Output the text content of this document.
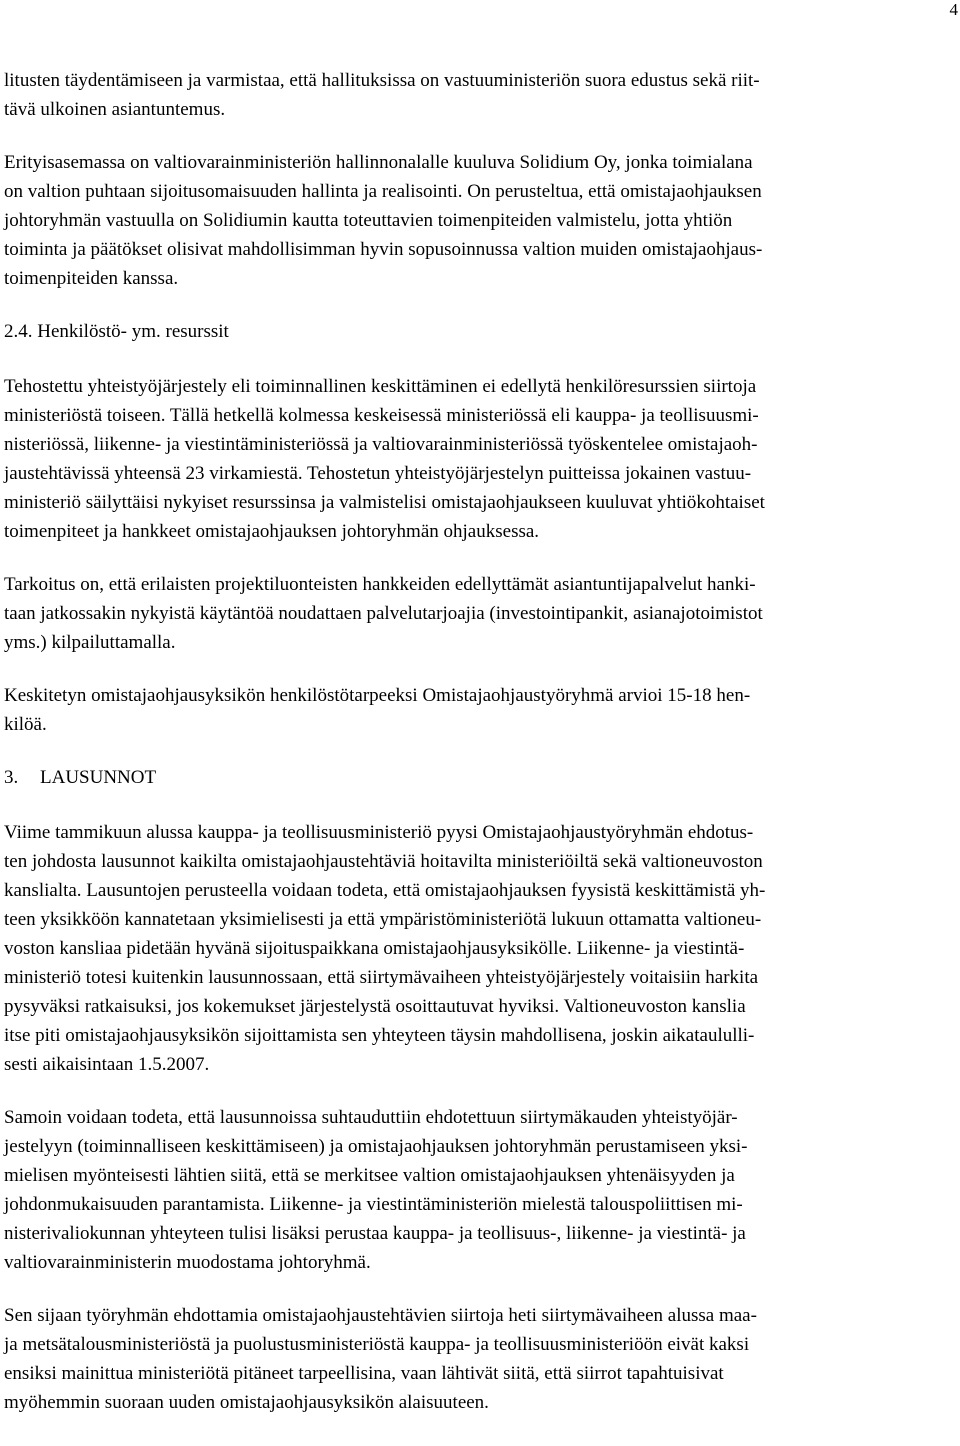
4

litusten täydentämiseen ja varmistaa, että hallituksissa on vastuuministeriön suora edustus sekä riit-
tävä ulkoinen asiantuntemus.

Erityisasemassa on valtiovarainministeriön hallinnonalalle kuuluva Solidium Oy, jonka toimialana
on valtion puhtaan sijoitusomaisuuden hallinta ja realisointi. On perusteltua, että omistajaohjauksen
johtoryhmän vastuulla on Solidiumin kautta toteuttavien toimenpiteiden valmistelu, jotta yhtiön
toiminta ja päätökset olisivat mahdollisimman hyvin sopusoinnussa valtion muiden omistajaohjaus-
toimenpiteiden kanssa.

2.4. Henkilöstö- ym. resurssit

Tehostettu yhteistyöjärjestely eli toiminnallinen keskittäminen ei edellytä henkilöresurssien siirtoja
ministeriöstä toiseen. Tällä hetkellä kolmessa keskeisessä ministeriössä eli kauppa- ja teollisuusmi-
nisteriössä, liikenne- ja viestintäministeriössä ja valtiovarainministeriössä työskentelee omistajaoh-
jaustehtävissä yhteensä 23 virkamiestä. Tehostetun yhteistyöjärjestelyn puitteissa jokainen vastuu-
ministeriö säilyttäisi nykyiset resurssinsa ja valmistelisi omistajaohjaukseen kuuluvat yhtiökohtaiset
toimenpiteet ja hankkeet omistajaohjauksen johtoryhmän ohjauksessa.

Tarkoitus on, että erilaisten projektiluonteisten hankkeiden edellyttämät asiantuntijapalvelut hanki-
taan jatkossakin nykyistä käytäntöä noudattaen palvelutarjoajia (investointipankit, asianajotoimistot
yms.) kilpailuttamalla.

Keskitetyn omistajaohjausyksikön henkilöstötarpeeksi Omistajaohjaustyöryhmä arvioi 15-18 hen-
kilöä.

3. LAUSUNNOT

Viime tammikuun alussa kauppa- ja teollisuusministeriö pyysi Omistajaohjaustyöryhmän ehdotus-
ten johdosta lausunnot kaikilta omistajaohjaustehtäviä hoitavilta ministeriöiltä sekä valtioneuvoston
kanslialta. Lausuntojen perusteella voidaan todeta, että omistajaohjauksen fyysistä keskittämistä yh-
teen yksikköön kannatetaan yksimielisesti ja että ympäristöministeriötä lukuun ottamatta valtioneu-
voston kansliaa pidetään hyvänä sijoituspaikkana omistajaohjausyksikölle. Liikenne- ja viestintä-
ministeriö totesi kuitenkin lausunnossaan, että siirtymävaiheen yhteistyöjärjestely voitaisiin harkita
pysyväksi ratkaisuksi, jos kokemukset järjestelystä osoittautuvat hyviksi. Valtioneuvoston kanslia
itse piti omistajaohjausyksikön sijoittamista sen yhteyteen täysin mahdollisena, joskin aikataululli-
sesti aikaisintaan 1.5.2007.

Samoin voidaan todeta, että lausunnoissa suhtauduttiin ehdotettuun siirtymäkauden yhteistyöjär-
jestelyyn (toiminnalliseen keskittämiseen) ja omistajaohjauksen johtoryhmän perustamiseen yksi-
mielisen myönteisesti lähtien siitä, että se merkitsee valtion omistajaohjauksen yhtenäisyyden ja
johdonmukaisuuden parantamista. Liikenne- ja viestintäministeriön mielestä talouspoliittisen mi-
nisterivaliokunnan yhteyteen tulisi lisäksi perustaa kauppa- ja teollisuus-, liikenne- ja viestintä- ja
valtiovarainministerin muodostama johtoryhmä.

Sen sijaan työryhmän ehdottamia omistajaohjaustehtävien siirtoja heti siirtymävaiheen alussa maa-
ja metsätalousministeriöstä ja puolustusministeriöstä kauppa- ja teollisuusministeriöön eivät kaksi
ensiksi mainittua ministeriötä pitäneet tarpeellisina, vaan lähtivät siitä, että siirrot tapahtuisivat
myöhemmin suoraan uuden omistajaohjausyksikön alaisuuteen.
